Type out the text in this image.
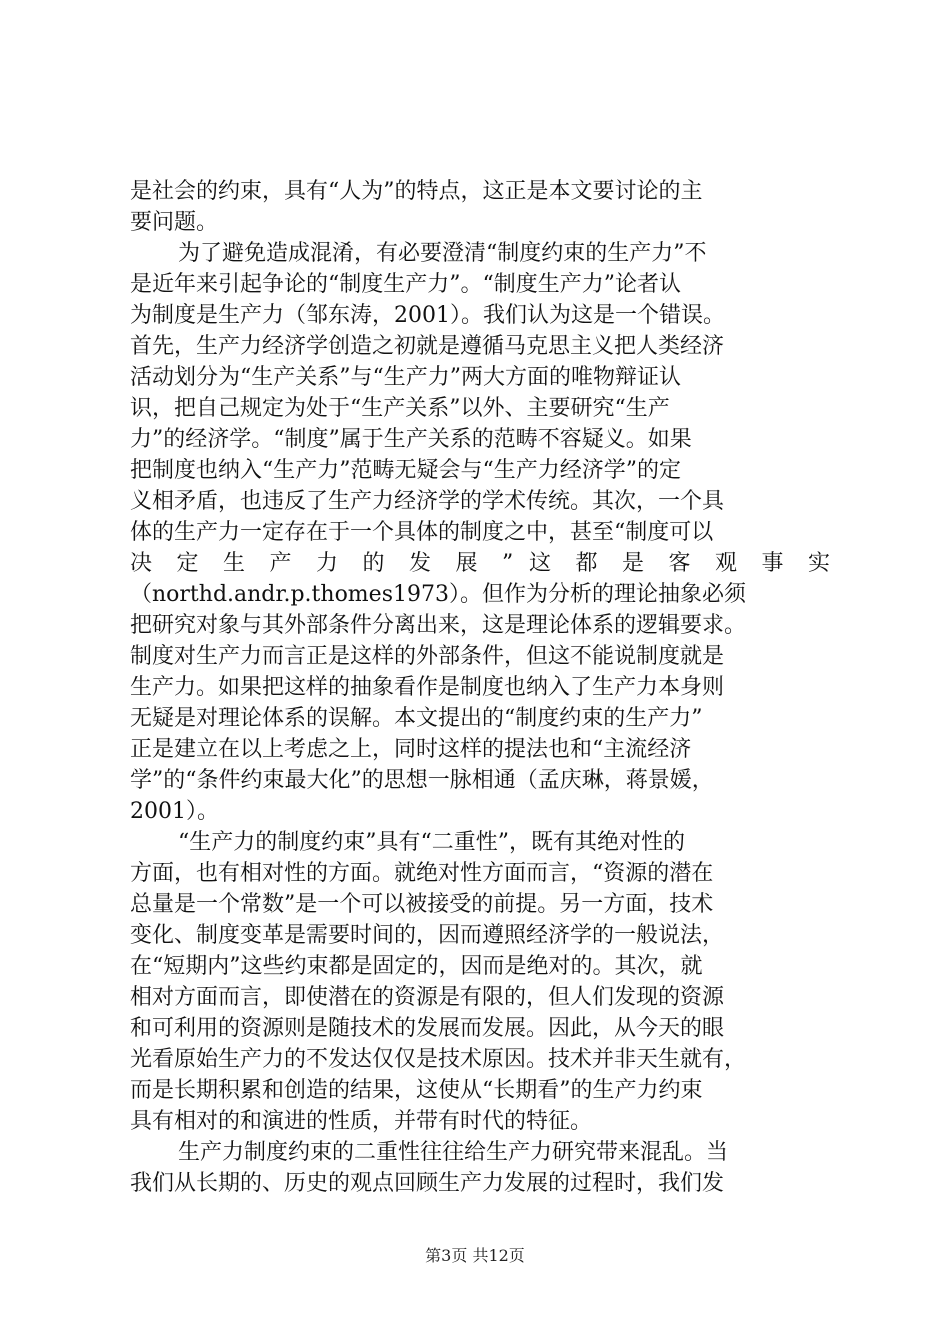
是社会的约束，具有“人为”的特点，这正是本文要讨论的主
要问题。
为了避免造成混淆，有必要澄清“制度约束的生产力”不
是近年来引起争论的“制度生产力”。“制度生产力”论者认
为制度是生产力（邹东涛，2001）。我们认为这是一个错误。
首先，生产力经济学创造之初就是遵循马克思主义把人类经济
活动划分为“生产关系”与“生产力”两大方面的唯物辩证认
识，把自己规定为处于“生产关系”以外、主要研究“生产
力”的经济学。“制度”属于生产关系的范畴不容疑义。如果
把制度也纳入“生产力”范畴无疑会与“生产力经济学”的定
义相矛盾，也违反了生产力经济学的学术传统。其次，一个具
体的生产力一定存在于一个具体的制度之中，甚至“制度可以
决 定 生 产 力 的 发 展 ” 这 都 是 客 观 事 实
（northd.andr.p.thomes1973）。但作为分析的理论抽象必须
把研究对象与其外部条件分离出来，这是理论体系的逻辑要求。
制度对生产力而言正是这样的外部条件，但这不能说制度就是
生产力。如果把这样的抽象看作是制度也纳入了生产力本身则
无疑是对理论体系的误解。本文提出的“制度约束的生产力”
正是建立在以上考虑之上，同时这样的提法也和“主流经济
学”的“条件约束最大化”的思想一脉相通（孟庆琳，蒋景媛，
2001）。
“生产力的制度约束”具有“二重性”，既有其绝对性的
方面，也有相对性的方面。就绝对性方面而言，“资源的潜在
总量是一个常数”是一个可以被接受的前提。另一方面，技术
变化、制度变革是需要时间的，因而遵照经济学的一般说法，
在“短期内”这些约束都是固定的，因而是绝对的。其次，就
相对方面而言，即使潜在的资源是有限的，但人们发现的资源
和可利用的资源则是随技术的发展而发展。因此，从今天的眼
光看原始生产力的不发达仅仅是技术原因。技术并非天生就有，
而是长期积累和创造的结果，这使从“长期看”的生产力约束
具有相对的和演进的性质，并带有时代的特征。
生产力制度约束的二重性往往给生产力研究带来混乱。当
我们从长期的、历史的观点回顾生产力发展的过程时，我们发
第3页 共12页
